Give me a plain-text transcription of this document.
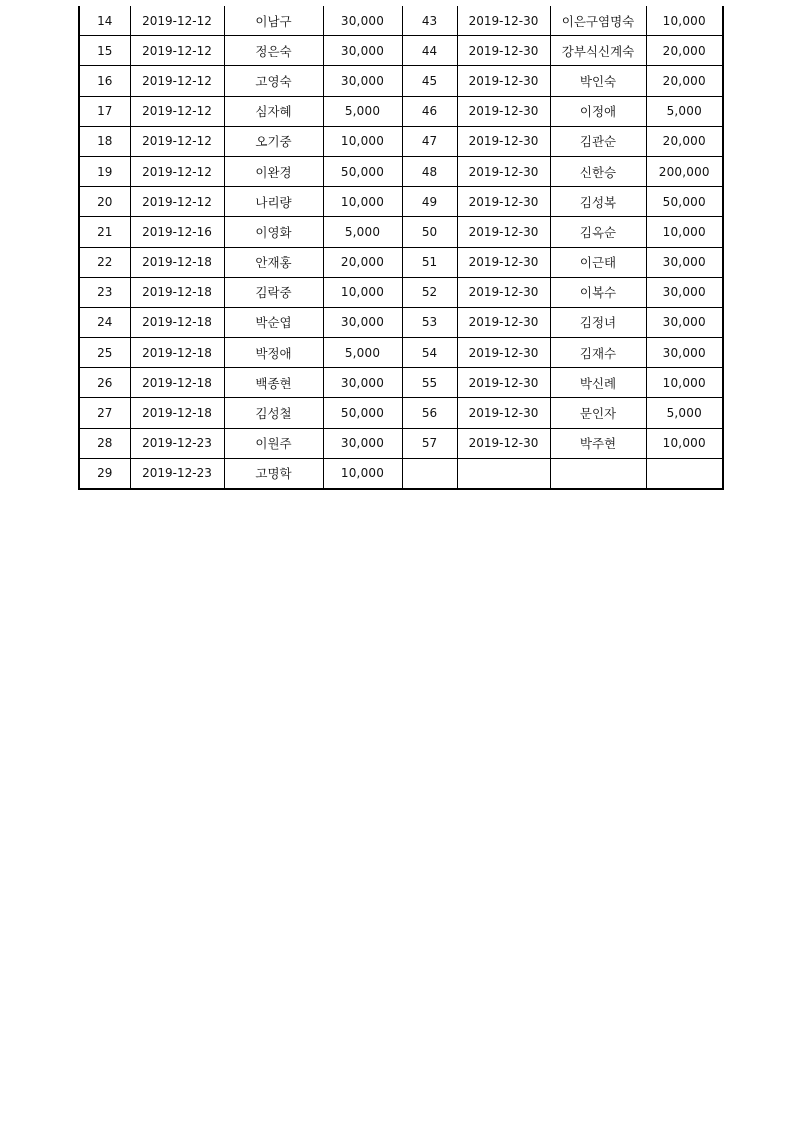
14	2019-12-12	이남구	30,000	43	2019-12-30	이은구염명숙	10,000
15	2019-12-12	정은숙	30,000	44	2019-12-30	강부식신계숙	20,000
16	2019-12-12	고영숙	30,000	45	2019-12-30	박인숙	20,000
17	2019-12-12	심자혜	5,000	46	2019-12-30	이정애	5,000
18	2019-12-12	오기중	10,000	47	2019-12-30	김관순	20,000
19	2019-12-12	이완경	50,000	48	2019-12-30	신한승	200,000
20	2019-12-12	나리량	10,000	49	2019-12-30	김성복	50,000
21	2019-12-16	이영화	5,000	50	2019-12-30	김옥순	10,000
22	2019-12-18	안재홍	20,000	51	2019-12-30	이근태	30,000
23	2019-12-18	김락중	10,000	52	2019-12-30	이복수	30,000
24	2019-12-18	박순엽	30,000	53	2019-12-30	김정녀	30,000
25	2019-12-18	박정애	5,000	54	2019-12-30	김재수	30,000
26	2019-12-18	백종현	30,000	55	2019-12-30	박신례	10,000
27	2019-12-18	김성철	50,000	56	2019-12-30	문인자	5,000
28	2019-12-23	이원주	30,000	57	2019-12-30	박주현	10,000
29	2019-12-23	고명학	10,000				
